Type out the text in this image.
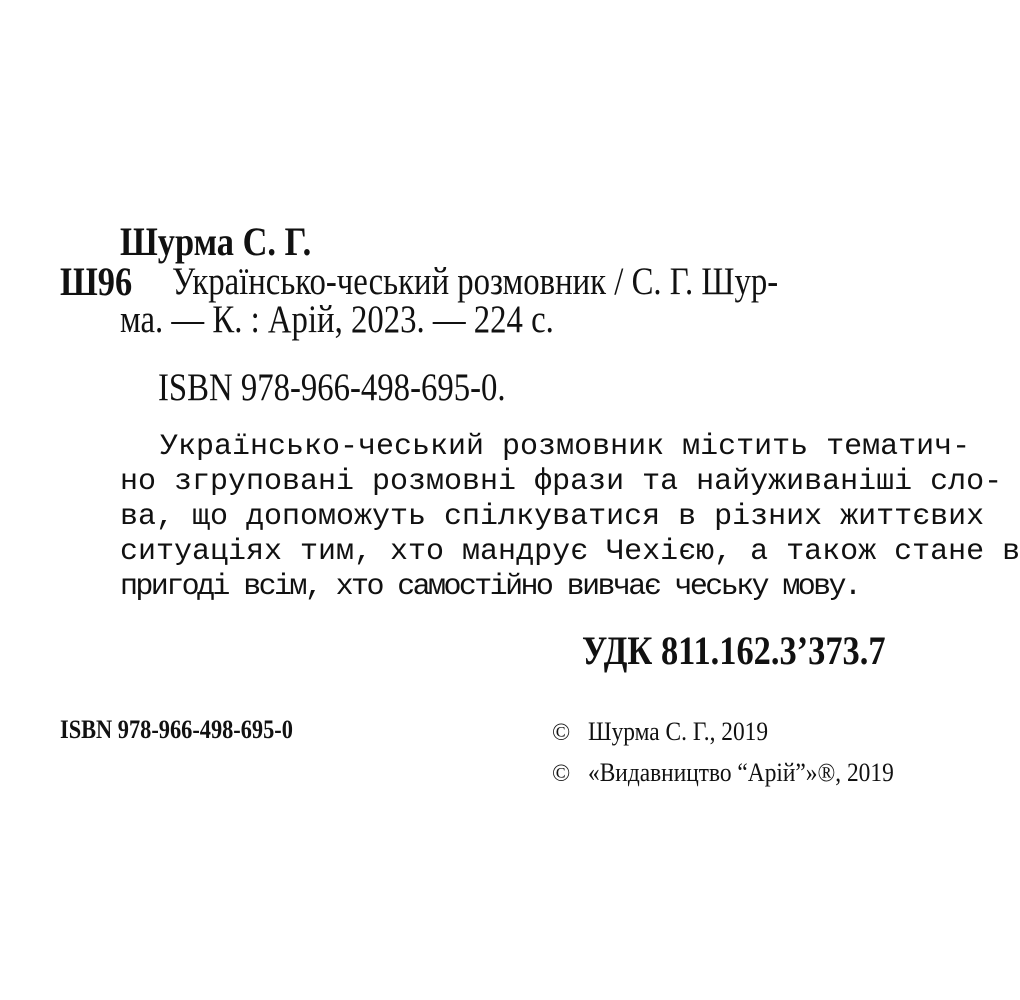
Шурма С. Г.
Ш96 Українсько-чеський розмовник / С. Г. Шур-
ма. — К. : Арій, 2023. — 224 с.
ISBN 978-966-498-695-0.
Українсько-чеський розмовник містить тематич-
но згруповані розмовні фрази та найуживаніші сло-
ва, що допоможуть спілкуватися в різних життєвих
ситуаціях тим, хто мандрує Чехією, а також стане в
пригоді всім, хто самостійно вивчає чеську мову.
УДК 811.162.3’373.7
ISBN 978-966-498-695-0	© Шурма С. Г., 2019
© «Видавництво “Арій”»®, 2019
